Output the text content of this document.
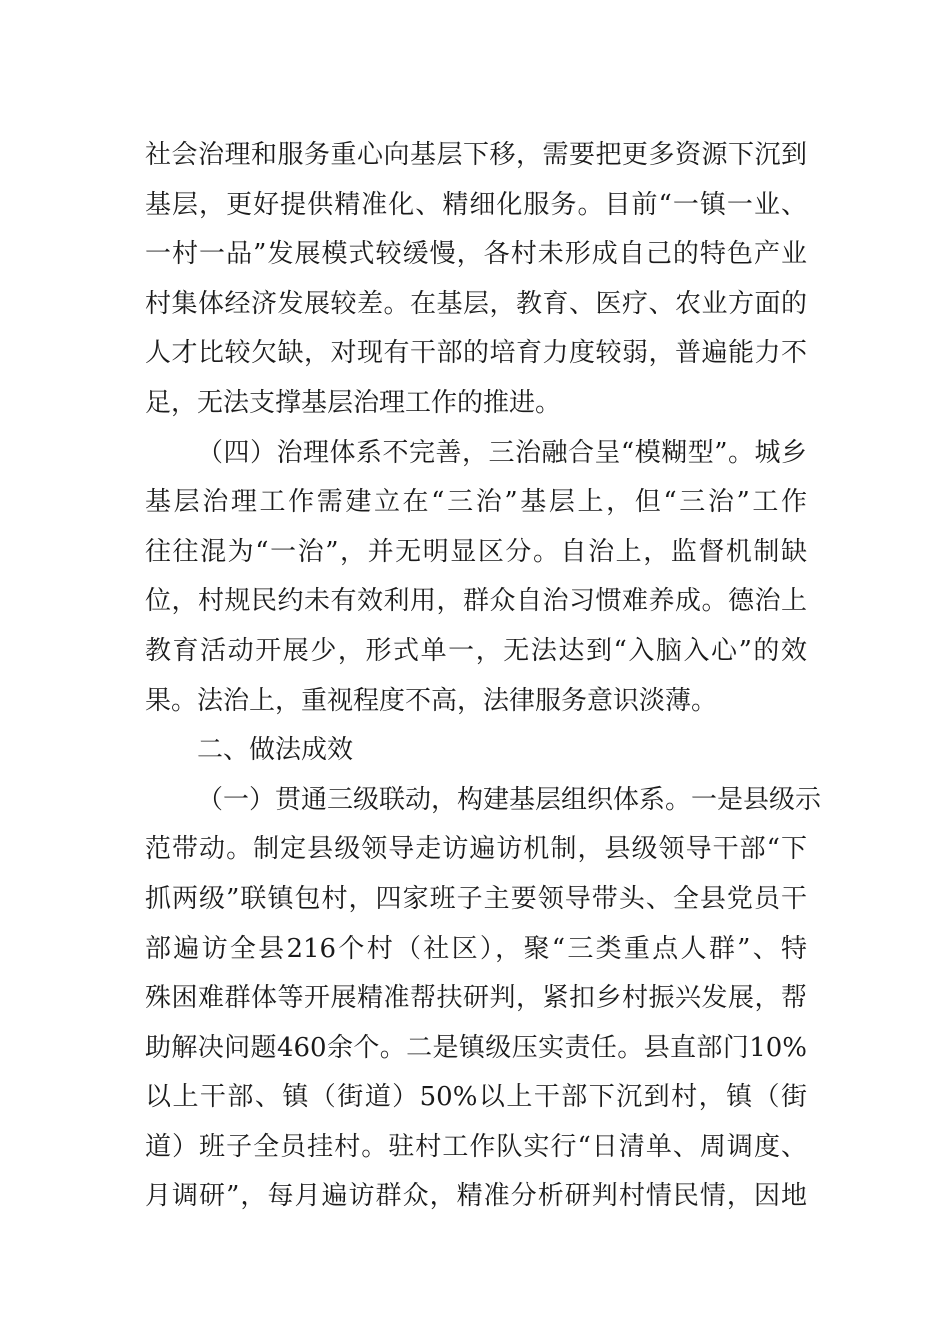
社会治理和服务重心向基层下移，需要把更多资源下沉到
基层，更好提供精准化、精细化服务。目前“一镇一业、
一村一品”发展模式较缓慢，各村未形成自己的特色产业
村集体经济发展较差。在基层，教育、医疗、农业方面的
人才比较欠缺，对现有干部的培育力度较弱，普遍能力不
足，无法支撑基层治理工作的推进。
（四）治理体系不完善，三治融合呈“模糊型”。城乡
基层治理工作需建立在“三治”基层上，但“三治”工作
往往混为“一治”，并无明显区分。自治上，监督机制缺
位，村规民约未有效利用，群众自治习惯难养成。德治上
教育活动开展少，形式单一，无法达到“入脑入心”的效
果。法治上，重视程度不高，法律服务意识淡薄。
二、做法成效
（一）贯通三级联动，构建基层组织体系。一是县级示
范带动。制定县级领导走访遍访机制，县级领导干部“下
抓两级”联镇包村，四家班子主要领导带头、全县党员干
部遍访全县216个村（社区），聚“三类重点人群”、特
殊困难群体等开展精准帮扶研判，紧扣乡村振兴发展，帮
助解决问题460余个。二是镇级压实责任。县直部门10%
以上干部、镇（街道）50%以上干部下沉到村，镇（街
道）班子全员挂村。驻村工作队实行“日清单、周调度、
月调研”，每月遍访群众，精准分析研判村情民情，因地
